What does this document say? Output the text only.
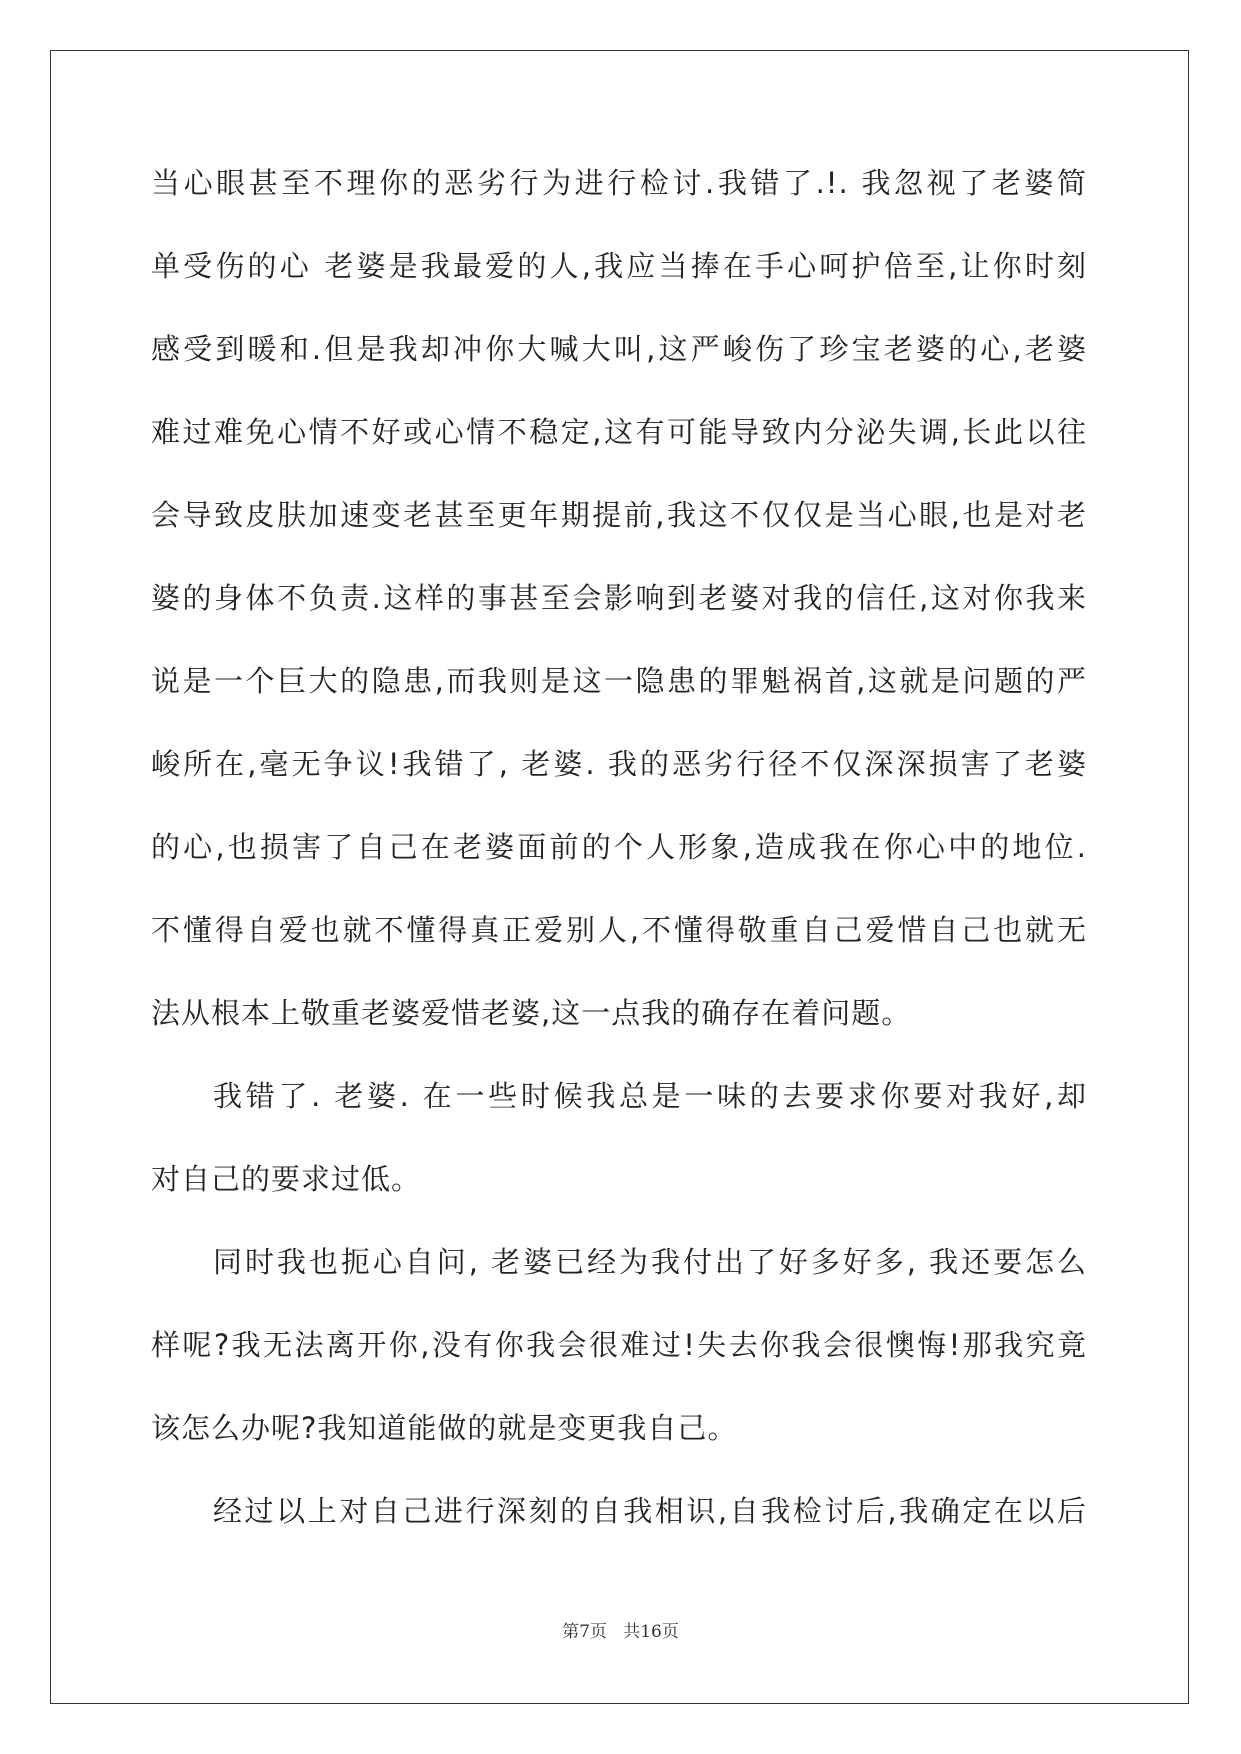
当心眼甚至不理你的恶劣行为进行检讨.我错了.!. 我忽视了老婆简
单受伤的心 老婆是我最爱的人,我应当捧在手心呵护倍至,让你时刻
感受到暖和.但是我却冲你大喊大叫,这严峻伤了珍宝老婆的心,老婆
难过难免心情不好或心情不稳定,这有可能导致内分泌失调,长此以往
会导致皮肤加速变老甚至更年期提前,我这不仅仅是当心眼,也是对老
婆的身体不负责.这样的事甚至会影响到老婆对我的信任,这对你我来
说是一个巨大的隐患,而我则是这一隐患的罪魁祸首,这就是问题的严
峻所在,毫无争议!我错了, 老婆. 我的恶劣行径不仅深深损害了老婆
的心,也损害了自己在老婆面前的个人形象,造成我在你心中的地位.
不懂得自爱也就不懂得真正爱别人,不懂得敬重自己爱惜自己也就无
法从根本上敬重老婆爱惜老婆,这一点我的确存在着问题。
我错了. 老婆. 在一些时候我总是一味的去要求你要对我好,却
对自己的要求过低。
同时我也扼心自问, 老婆已经为我付出了好多好多, 我还要怎么
样呢?我无法离开你,没有你我会很难过!失去你我会很懊悔!那我究竟
该怎么办呢?我知道能做的就是变更我自己。
经过以上对自己进行深刻的自我相识,自我检讨后,我确定在以后
第7页 共16页
